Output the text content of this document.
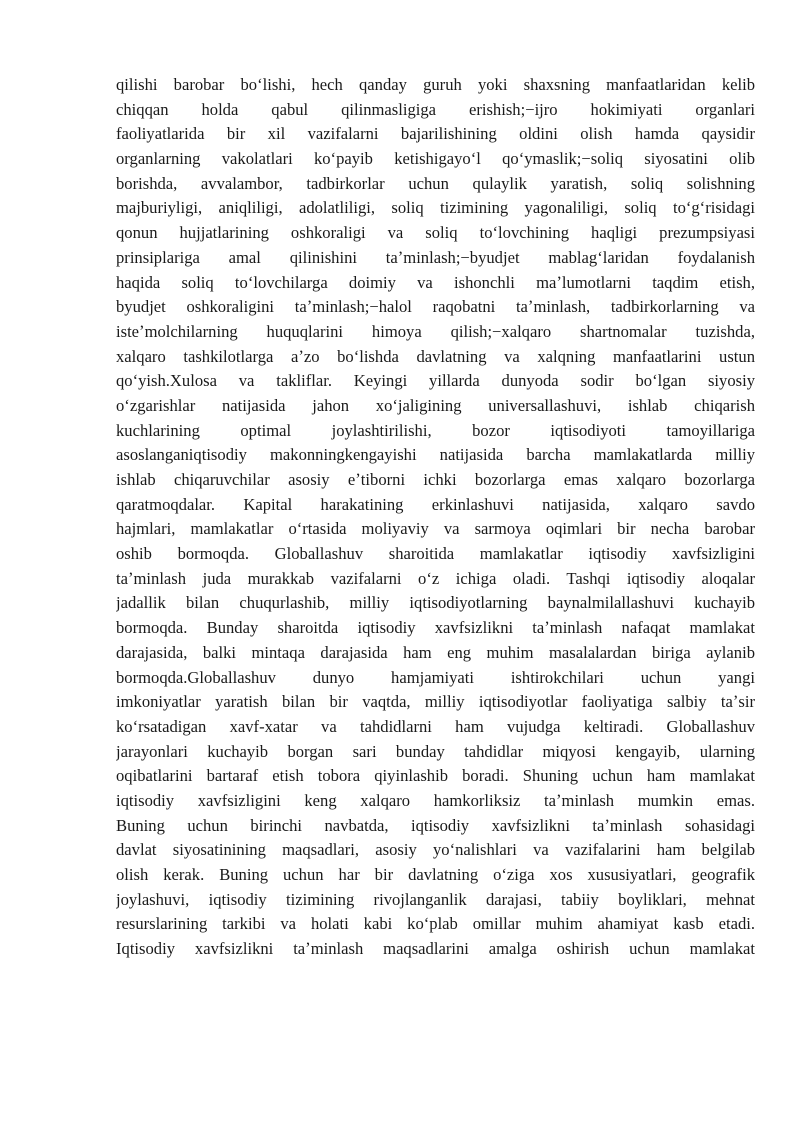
qilishi barobar boʻlishi, hech qanday guruh yoki shaxsning manfaatlaridan kelib
chiqqan holda qabul qilinmasligiga erishish;−ijro hokimiyati organlari
faoliyatlarida bir xil vazifalarni bajarilishining oldini olish hamda qaysidir
organlarning vakolatlari koʻpayib ketishigayoʻl qoʻymaslik;−soliq siyosatini olib
borishda, avvalambor, tadbirkorlar uchun qulaylik yaratish, soliq solishning
majburiyligi, aniqliligi, adolatliligi, soliq tizimining yagonaliligi, soliq toʻgʻrisidagi
qonun hujjatlarining oshkoraligi va soliq toʻlovchining haqligi prezumpsiyasi
prinsiplariga amal qilinishini taʼminlash;−byudjet mablagʻlaridan foydalanish
haqida soliq toʻlovchilarga doimiy va ishonchli maʼlumotlarni taqdim etish,
byudjet oshkoraligini taʼminlash;−halol raqobatni taʼminlash, tadbirkorlarning va
isteʼmolchilarning huquqlarini himoya qilish;−xalqaro shartnomalar tuzishda,
xalqaro tashkilotlarga aʼzo boʻlishda davlatning va xalqning manfaatlarini ustun
qoʻyish.Xulosa va takliflar. Keyingi yillarda dunyoda sodir boʻlgan siyosiy
oʻzgarishlar natijasida jahon xoʻjaligining universallashuvi, ishlab chiqarish
kuchlarining optimal joylashtirilishi, bozor iqtisodiyoti tamoyillariga
asoslanganiqtisodiy makonningkengayishi natijasida barcha mamlakatlarda milliy
ishlab chiqaruvchilar asosiy eʼtiborni ichki bozorlarga emas xalqaro bozorlarga
qaratmoqdalar. Kapital harakatining erkinlashuvi natijasida, xalqaro savdo
hajmlari, mamlakatlar oʻrtasida moliyaviy va sarmoya oqimlari bir necha barobar
oshib bormoqda. Globallashuv sharoitida mamlakatlar iqtisodiy xavfsizligini
taʼminlash juda murakkab vazifalarni oʻz ichiga oladi. Tashqi iqtisodiy aloqalar
jadallik bilan chuqurlashib, milliy iqtisodiyotlarning baynalmilallashuvi kuchayib
bormoqda. Bunday sharoitda iqtisodiy xavfsizlikni taʼminlash nafaqat mamlakat
darajasida, balki mintaqa darajasida ham eng muhim masalalardan biriga aylanib
bormoqda.Globallashuv dunyo hamjamiyati ishtirokchilari uchun yangi
imkoniyatlar yaratish bilan bir vaqtda, milliy iqtisodiyotlar faoliyatiga salbiy taʼsir
koʻrsatadigan xavf-xatar va tahdidlarni ham vujudga keltiradi. Globallashuv
jarayonlari kuchayib borgan sari bunday tahdidlar miqyosi kengayib, ularning
oqibatlarini bartaraf etish tobora qiyinlashib boradi. Shuning uchun ham mamlakat
iqtisodiy xavfsizligini keng xalqaro hamkorliksiz taʼminlash mumkin emas.
Buning uchun birinchi navbatda, iqtisodiy xavfsizlikni taʼminlash sohasidagi
davlat siyosatinining maqsadlari, asosiy yoʻnalishlari va vazifalarini ham belgilab
olish kerak. Buning uchun har bir davlatning oʻziga xos xususiyatlari, geografik
joylashuvi, iqtisodiy tizimining rivojlanganlik darajasi, tabiiy boyliklari, mehnat
resurslarining tarkibi va holati kabi koʻplab omillar muhim ahamiyat kasb etadi.
Iqtisodiy xavfsizlikni taʼminlash maqsadlarini amalga oshirish uchun mamlakat
